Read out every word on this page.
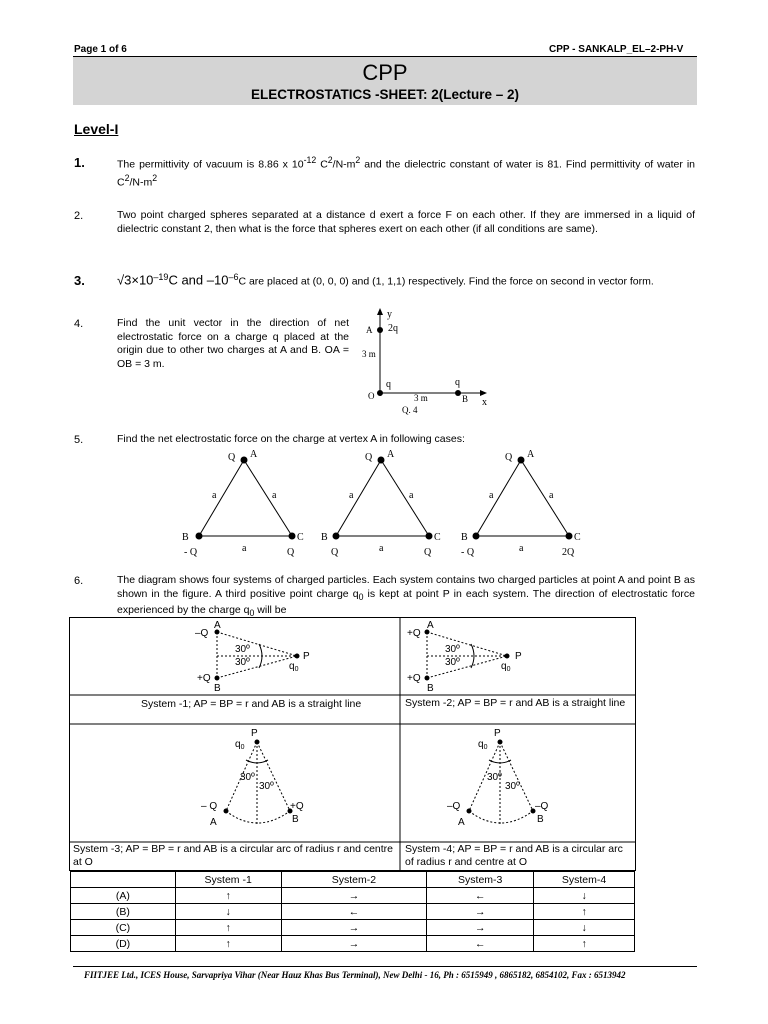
Page 1 of 6	CPP - SANKALP_EL–2-PH-V
CPP
ELECTROSTATICS -SHEET: 2(Lecture – 2)
Level-I
1.	The permittivity of vacuum is 8.86 x $10^{-12}$ $C^2/N-m^2$ and the dielectric constant of water is 81. Find permittivity of water in $C^2/N-m^2$
2.	Two point charged spheres separated at a distance d exert a force F on each other. If they are immersed in a liquid of dielectric constant 2, then what is the force that spheres exert on each other (if all conditions are same).
3. $√3\times 10^{-19}C$ and $-10^{-6}C$ are placed at (0, 0, 0) and (1, 1,1) respectively. Find the force on second in vector form.
4.	Find the unit vector in the direction of net electrostatic force on a charge q placed at the origin due to other two charges at A and B. OA = OB = 3 m.
y
A 2q
3 m
O
q
3 m
q
B x
Q. 4
5.	Find the net electrostatic force on the charge at vertex A in following cases:
Q A
a	a
a
B	C
- Q	Q
Q A
a	a
a
B	C
Q	Q
Q A
a	a
a
B	C
- Q	2Q
6.	The diagram shows four systems of charged particles. Each system contains two charged particles at point A and point B as shown in the figure. A third positive point charge $q_0$ is kept at point P in each system. The direction of electrostatic force experienced by the charge $q_0$ will be
–Q
A
30º
30º
P
$q_0$
+Q
B
System -1; AP = BP = r and AB is a straight line
+Q
A
30º
30º
P
$q_0$
+Q
B
P
$q_0$
30º
30º
– Q
A
+Q
B
P
$q_0$
30º
30º
–Q
A
–Q
B
System -3; AP = BP = r and AB is a circular arc of radius r and centre at O
System -4; AP = BP = r and AB is a circular arc of radius r and centre at O
System -2; AP = BP = r and AB is a straight line
	System -1	System-2	System-3	System-4
(A)	↑	→	←	↓
(B)	↓	←	→	↑
(C)	↑	→	→	↓
(D)	↑	→	←	↑
FIITJEE Ltd., ICES House, Sarvapriya Vihar (Near Hauz Khas Bus Terminal), New Delhi - 16, Ph : 6515949 , 6865182, 6854102, Fax : 6513942
